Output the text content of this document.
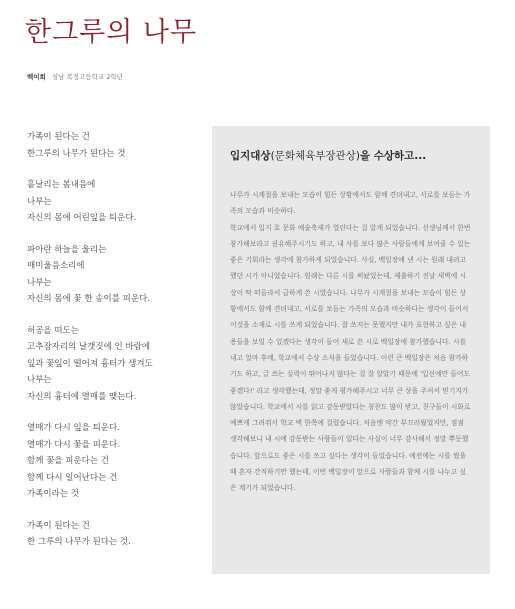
한그루의 나무
백이희 성남 복정고등학교 2학년
가족이 된다는 건
한그루의 나무가 된다는 것
흩날리는 봄내음에
나부는
자신의 몸에 어린잎을 틔운다.
파아란 하늘을 울리는
매미울음소리에
나부는
자신의 몸에 꽃 한 송이를 피운다.
허공을 떠도는
고추잠자리의 날갯짓에 인 바람에
잎과 꽃잎이 떨어져 흉터가 생겨도
나부는
자신의 흉터에 열매를 맺는다.
열매가 다시 잎을 틔운다.
열매가 다시 꽃을 피운다.
함께 꽃을 피운다는 건
함께 다시 일어난다는 건
가족이라는 것
가족이 된다는 건
한 그루의 나무가 된다는 것.
입지대상(문화체육부장관상)을 수상하고...

나무가 시계절을 보내는 모습이 힘든 상황에서도 함께 견뎌내고, 서로를 보듬는 가족의 모습과 비슷하다.

학교에서 입지 호 문화 예술축제가 열린다는 걸 알게 되었습니다. 선생님께서 한번 참가해보라고 권유해주시기도 하고, 내 사를 보다 많은 사람들에게 보여줄 수 있는 좋은 기회라는 생각에 참가하게 되었습니다. 사실, 백일장에 낸 시는 원래 내려고 했던 시가 아니었습니다. 원래는 다른 시를 써놨었는데, 제출하기 전날 새벽에 시상이 딱 떠올라서 급하게 쓴 시였습니다. 나무가 시계절을 보내는 모습이 힘든 상황에서도 함께 견뎌내고, 서로를 보듬는 가족의 모습과 비슷하다는 생각이 들어서 이것을 소재로 시를 쓰게 되었습니다. 잘 쓰지는 못했지만 내가 표현하고 싶은 내용들을 보일 수 있겠다는 생각이 들어 새로 쓴 시로 백일장에 참가했습니다. 시를 내고 얼마 후에, 학교에서 수상 소식을 들었습니다. 이런 큰 백일장은 처음 참가하기도 하고, 글 쓰는 실력이 뛰어나지 않다는 걸 잘 알았기 때문에 '입선에만 들어도 좋겠다!' 라고 생각했는데, 정말 좋게 평가해주시고 너무 큰 상을 주셔서 믿기지가 않았습니다. 학교에서 시를 읽고 감동받았다는 칭찬도 많이 받고, 친구들이 시화로 예쁘게 그려줘서 학교 벽 한쪽에 걸렸습니다. 처음엔 약간 부끄러웠었지만, 점점 생각해보니 내 시에 감동받는 사람들이 있다는 사실이 너무 감사해서 정말 뿌듯했습니다. 앞으로도 좋은 시를 쓰고 싶다는 생각이 들었습니다. 예전에는 시를 썼을 때 혼자 간직하기만 했는데, 이번 백일장이 앞으로 사람들과 함께 시를 나누고 싶은 계기가 되었습니다.
